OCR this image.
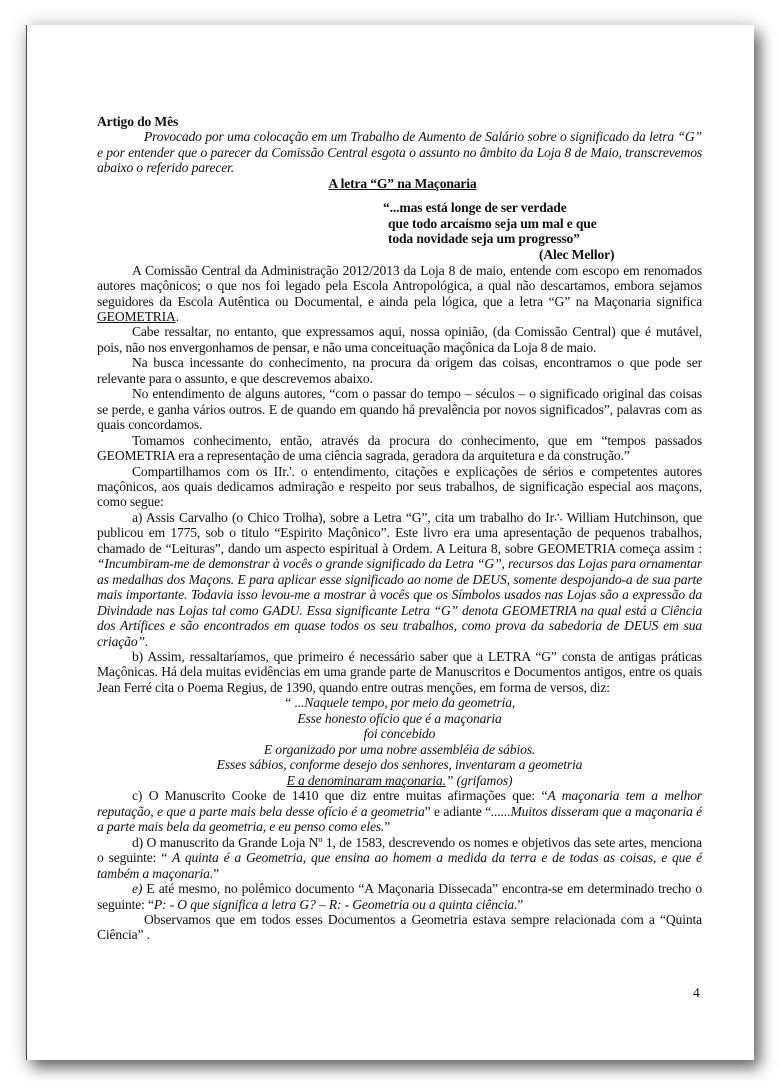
Artigo do Mês

Provocado por uma colocação em um Trabalho de Aumento de Salário sobre o significado da letra “G” e por entender que o parecer da Comissão Central esgota o assunto no âmbito da Loja 8 de Maio, transcrevemos abaixo o referido parecer.

A letra “G” na Maçonaria

“...mas está longe de ser verdade
que todo arcaísmo seja um mal e que
toda novidade seja um progresso”
(Alec Mellor)

A Comissão Central da Administração 2012/2013 da Loja 8 de maio, entende com escopo em renomados autores maçônicos; o que nos foi legado pela Escola Antropológica, a qual não descartamos, embora sejamos seguidores da Escola Autêntica ou Documental, e ainda pela lógica, que a letra “G” na Maçonaria significa GEOMETRIA.

Cabe ressaltar, no entanto, que expressamos aqui, nossa opinião, (da Comissão Central) que é mutável, pois, não nos envergonhamos de pensar, e não uma conceituação maçônica da Loja 8 de maio.

Na busca incessante do conhecimento, na procura da origem das coisas, encontramos o que pode ser relevante para o assunto, e que descrevemos abaixo.

No entendimento de alguns autores, “com o passar do tempo – séculos – o significado original das coisas se perde, e ganha vários outros. E de quando em quando há prevalência por novos significados”, palavras com as quais concordamos.

Tomamos conhecimento, então, através da procura do conhecimento, que em “tempos passados GEOMETRIA era a representação de uma ciência sagrada, geradora da arquitetura e da construção.”

Compartilhamos com os IIr.'. o entendimento, citações e explicações de sérios e competentes autores maçônicos, aos quais dedicamos admiração e respeito por seus trabalhos, de significação especial aos maçons, como segue:

a) Assis Carvalho (o Chico Trolha), sobre a Letra “G”, cita um trabalho do Ir∴ William Hutchinson, que publicou em 1775, sob o titulo “Espirito Maçônico”. Este livro era uma apresentação de pequenos trabalhos, chamado de “Leituras”, dando um aspecto espiritual à Ordem. A Leitura 8, sobre GEOMETRIA começa assim : “Incumbiram-me de demonstrar à vocês o grande significado da Letra “G”, recursos das Lojas para ornamentar as medalhas dos Maçons. E para aplicar esse significado ao nome de DEUS, somente despojando-a de sua parte mais importante. Todavia isso levou-me a mostrar à vocês que os Símbolos usados nas Lojas são a expressão da Divindade nas Lojas tal como GADU. Essa significante Letra “G” denota GEOMETRIA na qual está a Ciência dos Artífices e são encontrados em quase todos os seu trabalhos, como prova da sabedoria de DEUS em sua criação”.

b) Assim, ressaltaríamos, que primeiro é necessário saber que a LETRA “G” consta de antigas práticas Maçônicas. Há dela muitas evidências em uma grande parte de Manuscritos e Documentos antigos, entre os quais Jean Ferré cita o Poema Regius, de 1390, quando entre outras menções, em forma de versos, diz:

“ ...Naquele tempo, por meio da geometria,
Esse honesto ofício que é a maçonaria
foi concebido
E organizado por uma nobre assembléia de sábios.
Esses sábios, conforme desejo dos senhores, inventaram a geometria
E a denominaram maçonaria.” (grifamos)

c) O Manuscrito Cooke de 1410 que diz entre muitas afirmações que: “A maçonaria tem a melhor reputação, e que a parte mais bela desse ofício é a geometria” e adiante “......Muitos disseram que a maçonaria é a parte mais bela da geometria, e eu penso como eles.”

d) O manuscrito da Grande Loja Nº 1, de 1583, descrevendo os nomes e objetivos das sete artes, menciona o seguinte: “ A quinta é a Geometria, que ensina ao homem a medida da terra e de todas as coisas, e que é também a maçonaria.”

e) E até mesmo, no polêmico documento “A Maçonaria Dissecada” encontra-se em determinado trecho o seguinte: “P: - O que significa a letra G? – R: - Geometria ou a quinta ciência.”

Observamos que em todos esses Documentos a Geometria estava sempre relacionada com a “Quinta Ciência” .

4
